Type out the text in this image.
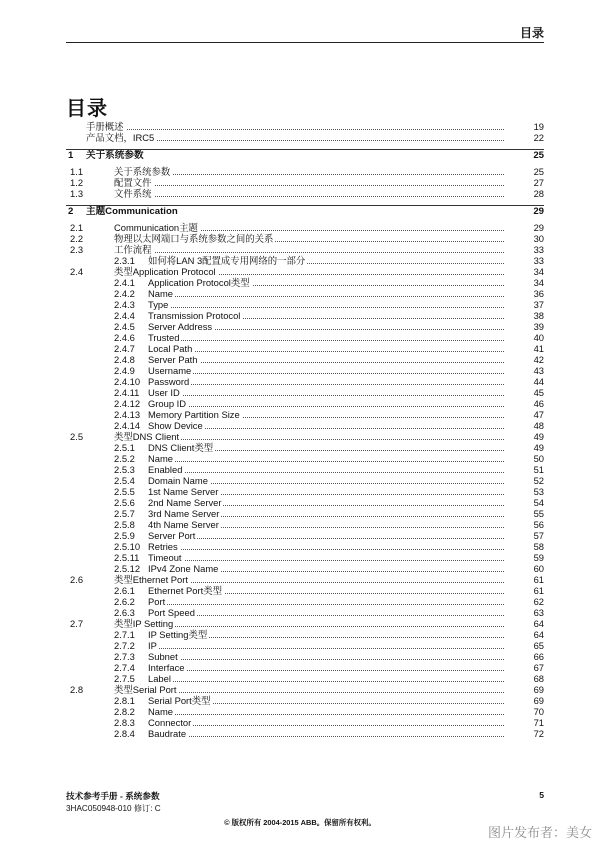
目录
目录
手册概述	19
产品文档，IRC5	22
1 关于系统参数	25
1.1	关于系统参数	25
1.2	配置文件	27
1.3	文件系统	28
2 主题Communication	29
2.1	Communication主题	29
2.2	物理以太网端口与系统参数之间的关系	30
2.3	工作流程	33
2.3.1 如何将LAN 3配置成专用网络的一部分	33
2.4	类型Application Protocol	34
2.4.1 Application Protocol类型	34
2.4.2 Name	36
2.4.3 Type	37
2.4.4 Transmission Protocol	38
2.4.5 Server Address	39
2.4.6 Trusted	40
2.4.7 Local Path	41
2.4.8 Server Path	42
2.4.9 Username	43
2.4.10 Password	44
2.4.11 User ID	45
2.4.12 Group ID	46
2.4.13 Memory Partition Size	47
2.4.14 Show Device	48
2.5	类型DNS Client	49
2.5.1 DNS Client类型	49
2.5.2 Name	50
2.5.3 Enabled	51
2.5.4 Domain Name	52
2.5.5 1st Name Server	53
2.5.6 2nd Name Server	54
2.5.7 3rd Name Server	55
2.5.8 4th Name Server	56
2.5.9 Server Port	57
2.5.10 Retries	58
2.5.11 Timeout	59
2.5.12 IPv4 Zone Name	60
2.6	类型Ethernet Port	61
2.6.1 Ethernet Port类型	61
2.6.2 Port	62
2.6.3 Port Speed	63
2.7	类型IP Setting	64
2.7.1 IP Setting类型	64
2.7.2 IP	65
2.7.3 Subnet	66
2.7.4 Interface	67
2.7.5 Label	68
2.8	类型Serial Port	69
2.8.1 Serial Port类型	69
2.8.2 Name	70
2.8.3 Connector	71
2.8.4 Baudrate	72
技术参考手册 - 系统参数
3HAC050948-010 修订: C
5
© 版权所有 2004-2015 ABB。保留所有权利。
图片发布者：美女
